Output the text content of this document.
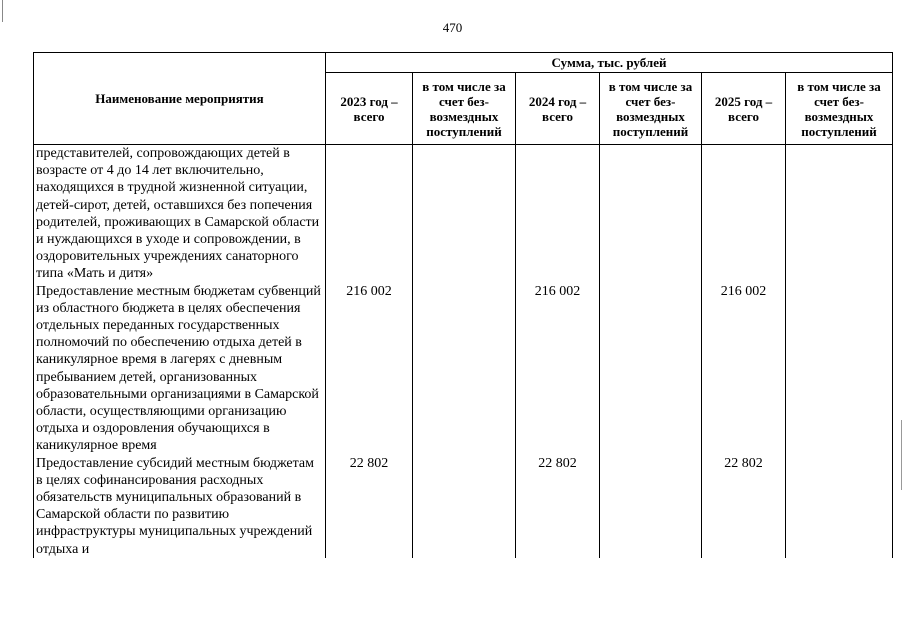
470
Наименование мероприятия	Сумма, тыс. рублей					
	2023 год – всего	в том числе за счет без-возмездных поступлений	2024 год – всего	в том числе за счет без-возмездных поступлений	2025 год – всего	в том числе за счет без-возмездных поступлений
представителей, сопровождающих детей в возрасте от 4 до 14 лет включительно, находящихся в трудной жизненной ситуации, детей-сирот, детей, оставшихся без попечения родителей, проживающих в Самарской области и нуждающихся в уходе и сопровождении, в оздоровительных учреждениях санаторного типа «Мать и дитя»						
Предоставление местным бюджетам субвенций из областного бюджета в целях обеспечения отдельных переданных государственных полномочий по обеспечению отдыха детей в каникулярное время в лагерях с дневным пребыванием детей, организованных образовательными организациями в Самарской области, осуществляющими организацию отдыха и оздоровления обучающихся в каникулярное время	216 002		216 002		216 002	
Предоставление субсидий местным бюджетам в целях софинансирования расходных обязательств муниципальных образований в Самарской области по развитию инфраструктуры муниципальных учреждений отдыха и	22 802		22 802		22 802	
